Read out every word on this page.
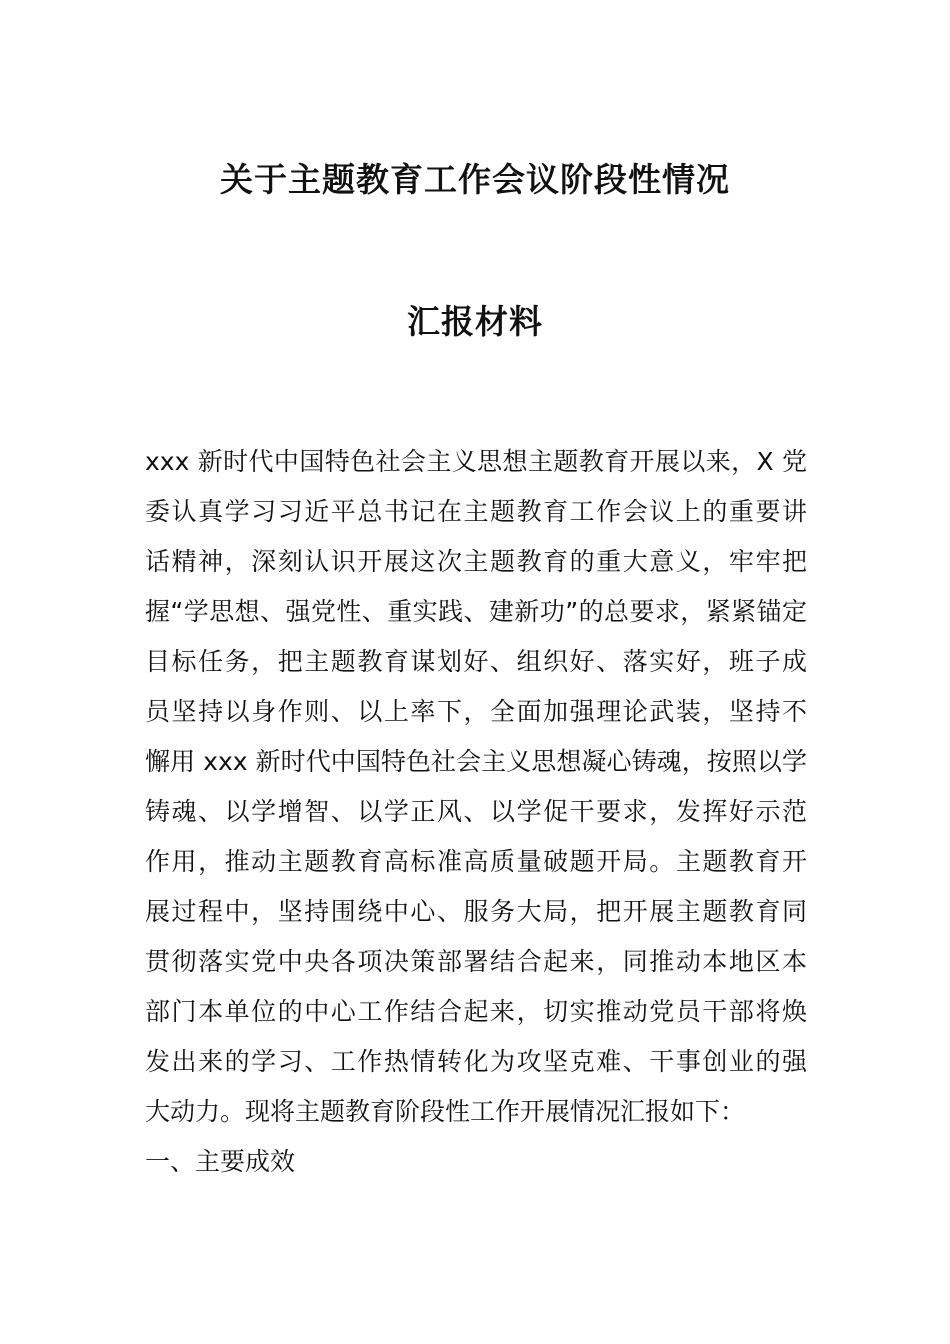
关于主题教育工作会议阶段性情况
汇报材料
xxx 新时代中国特色社会主义思想主题教育开展以来，X 党
委认真学习习近平总书记在主题教育工作会议上的重要讲
话精神，深刻认识开展这次主题教育的重大意义，牢牢把
握“学思想、强党性、重实践、建新功”的总要求，紧紧锚定
目标任务，把主题教育谋划好、组织好、落实好，班子成
员坚持以身作则、以上率下，全面加强理论武装，坚持不
懈用 xxx 新时代中国特色社会主义思想凝心铸魂，按照以学
铸魂、以学增智、以学正风、以学促干要求，发挥好示范
作用，推动主题教育高标准高质量破题开局。主题教育开
展过程中，坚持围绕中心、服务大局，把开展主题教育同
贯彻落实党中央各项决策部署结合起来，同推动本地区本
部门本单位的中心工作结合起来，切实推动党员干部将焕
发出来的学习、工作热情转化为攻坚克难、干事创业的强
大动力。现将主题教育阶段性工作开展情况汇报如下：
一、主要成效
